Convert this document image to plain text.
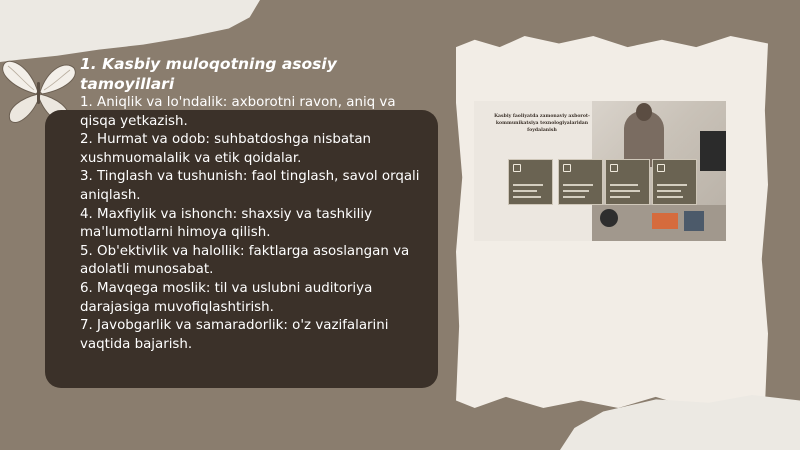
1. Kasbiy muloqotning asosiy tamoyillari
1. Aniqlik va lo'ndalik: axborotni ravon, aniq va qisqa yetkazish.
2. Hurmat va odob: suhbatdoshga nisbatan xushmuomalalik va etik qoidalar.
3. Tinglash va tushunish: faol tinglash, savol orqali aniqlash.
4. Maxfiylik va ishonch: shaxsiy va tashkiliy ma'lumotlarni himoya qilish.
5. Ob'ektivlik va halollik: faktlarga asoslangan va adolatli munosabat.
6. Mavqega moslik: til va uslubni auditoriya darajasiga muvofiqlashtirish.
7. Javobgarlik va samaradorlik: o'z vazifalarini vaqtida bajarish.
Kasbiy faoliyatda zamonaviy axborot-kommunikatsiya texnologiyalaridan foydalanish
